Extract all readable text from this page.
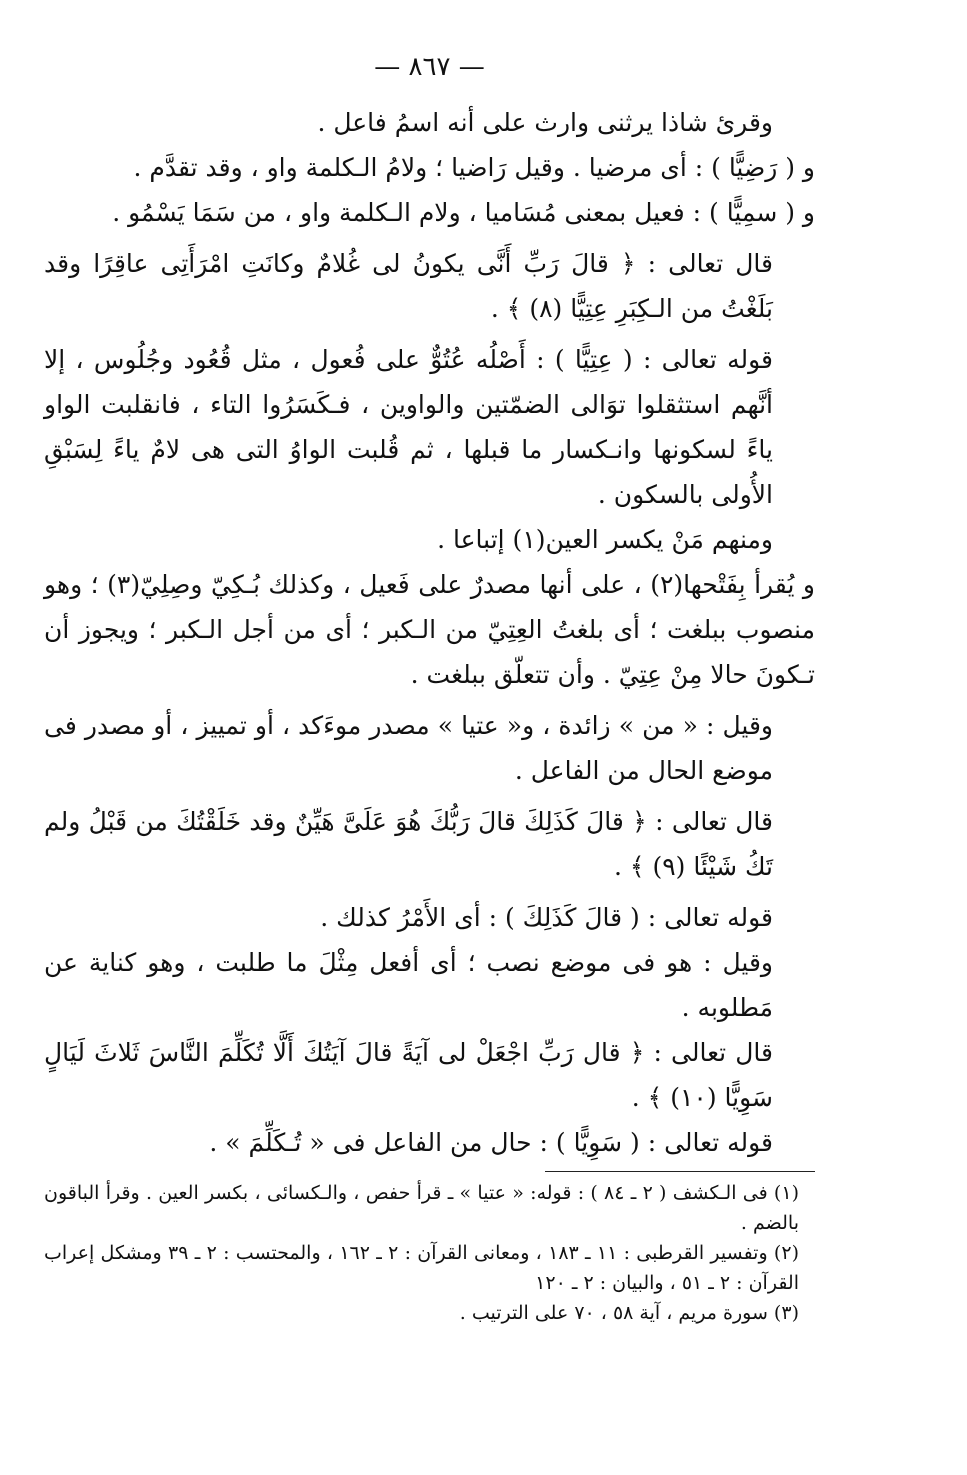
— ٨٦٧ —

وقرئ شاذا يرثنى وارث على أنه اسمُ فاعل .

و ( رَضِيًّا ) : أى مرضيا . وقيل رَاضيا ؛ ولامُ الـكلمة واو ، وقد تقدَّم .

و ( سمِيًّا ) : فعيل بمعنى مُسَاميا ، ولام الـكلمة واو ، من سَمَا يَسْمُو .

قال تعالى : ﴿ قالَ رَبِّ أَنَّى يكونُ لى غُلامٌ وكانَتِ امْرَأَتِى عاقِرًا وقد بَلَغْتُ من الـكِبَرِ عِتِيًّا (٨) ﴾ .

قوله تعالى : ( عِتِيًّا ) : أَصْلُه عُتُوٌّ على فُعول ، مثل قُعُود وجُلُوس ، إلا أنَّهم استثقلوا توَالى الضمّتين والواوين ، فـكَسَرُوا التاء ، فانقلبت الواو ياءً لسكونها وانـكسار ما قبلها ، ثم قُلبت الواوُ التى هى لامٌ ياءً لِسَبْقِ الأُولى بالسكون .

ومنهم مَنْ يكسر العين(١) إتباعا .

و يُقرأ بِفَتْحها(٢) ، على أنها مصدرٌ على فَعيل ، وكذلك بُـكِيّ وصِلِيّ(٣) ؛ وهو منصوب ببلغت ؛ أى بلغتُ العِتِيّ من الـكبر ؛ أى من أجل الـكبر ؛ ويجوز أن تـكونَ حالا مِنْ عِتِيّ . وأن تتعلّق ببلغت .

وقيل : « من » زائدة ، و« عتيا » مصدر موءَكد ، أو تمييز ، أو مصدر فى موضع الحال من الفاعل .

قال تعالى : ﴿ قالَ كَذَلِكَ قالَ رَبُّكَ هُوَ عَلَىَّ هَيِّنٌ وقد خَلَقْتُكَ من قَبْلُ ولم تَكُ شَيْئًا (٩) ﴾ .

قوله تعالى : ( قالَ كَذَلِكَ ) : أى الأَمْرُ كذلك .

وقيل : هو فى موضع نصب ؛ أى أفعل مِثْلَ ما طلبت ، وهو كناية عن مَطلوبه .

قال تعالى : ﴿ قال رَبِّ اجْعَلْ لى آيَةً قالَ آيَتُكَ أَلَّا تُكَلِّمَ النَّاسَ ثَلاثَ لَيَالٍ سَوِيًّا (١٠) ﴾ .

قوله تعالى : ( سَوِيًّا ) : حال من الفاعل فى « تُـكَلِّمَ » .

(١) فى الـكشف ( ٢ ـ ٨٤ ) : قوله: « عتيا » ـ قرأ حفص ، والـكسائى ، بكسر العين . وقرأ الباقون بالضم .

(٢) وتفسير القرطبى : ١١ ـ ١٨٣ ، ومعانى القرآن : ٢ ـ ١٦٢ ، والمحتسب : ٢ ـ ٣٩ ومشكل إعراب القرآن : ٢ ـ ٥١ ، والبيان : ٢ ـ ١٢٠

(٣) سورة مريم ، آية ٥٨ ، ٧٠ على الترتيب .
